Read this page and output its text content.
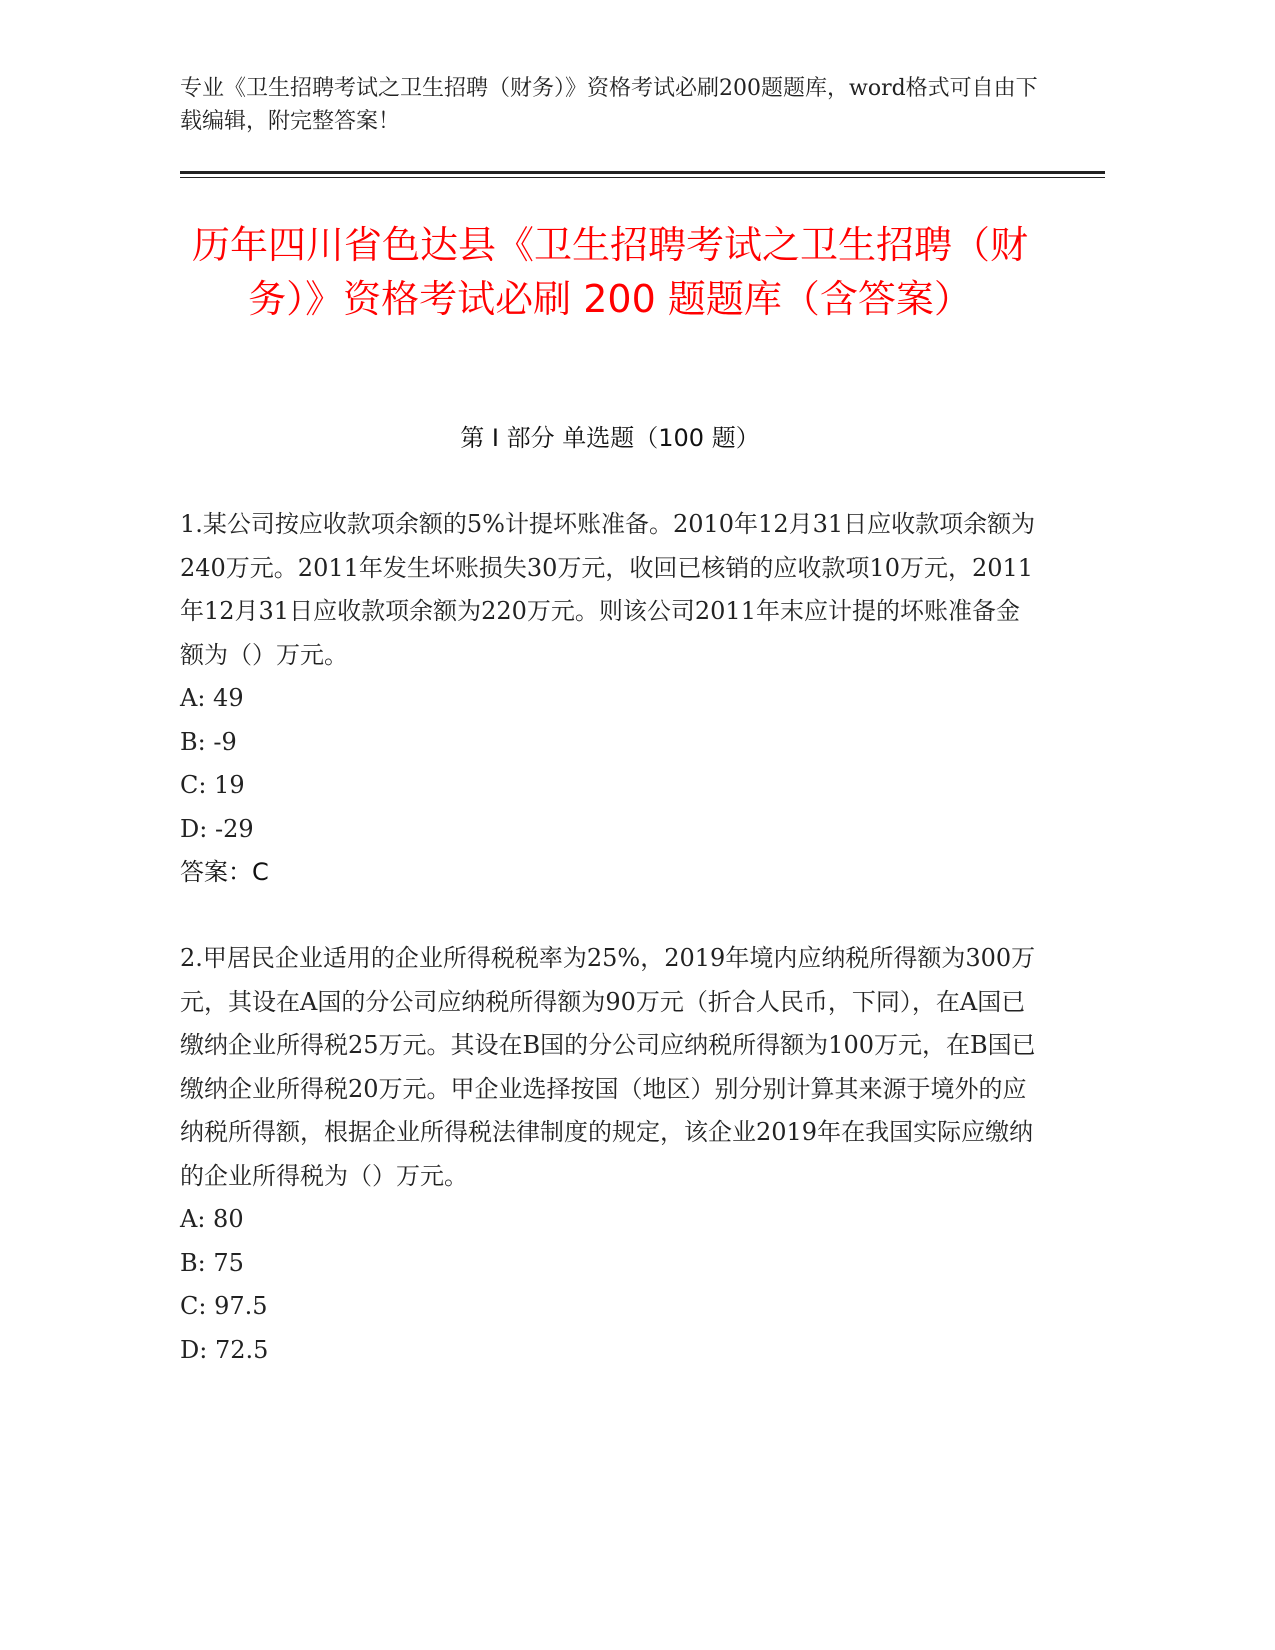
专业《卫生招聘考试之卫生招聘（财务）》资格考试必刷200题题库，word格式可自由下载编辑，附完整答案！
历年四川省色达县《卫生招聘考试之卫生招聘（财务）》资格考试必刷 200 题题库（含答案）
第 I 部分 单选题（100 题）

1.某公司按应收款项余额的5%计提坏账准备。2010年12月31日应收款项余额为240万元。2011年发生坏账损失30万元，收回已核销的应收款项10万元，2011年12月31日应收款项余额为220万元。则该公司2011年末应计提的坏账准备金额为（）万元。

A: 49
B: -9
C: 19
D: -29
答案：C

2.甲居民企业适用的企业所得税税率为25%，2019年境内应纳税所得额为300万元，其设在A国的分公司应纳税所得额为90万元（折合人民币，下同），在A国已缴纳企业所得税25万元。其设在B国的分公司应纳税所得额为100万元，在B国已缴纳企业所得税20万元。甲企业选择按国（地区）别分别计算其来源于境外的应纳税所得额，根据企业所得税法律制度的规定，该企业2019年在我国实际应缴纳的企业所得税为（）万元。

A: 80
B: 75
C: 97.5
D: 72.5
